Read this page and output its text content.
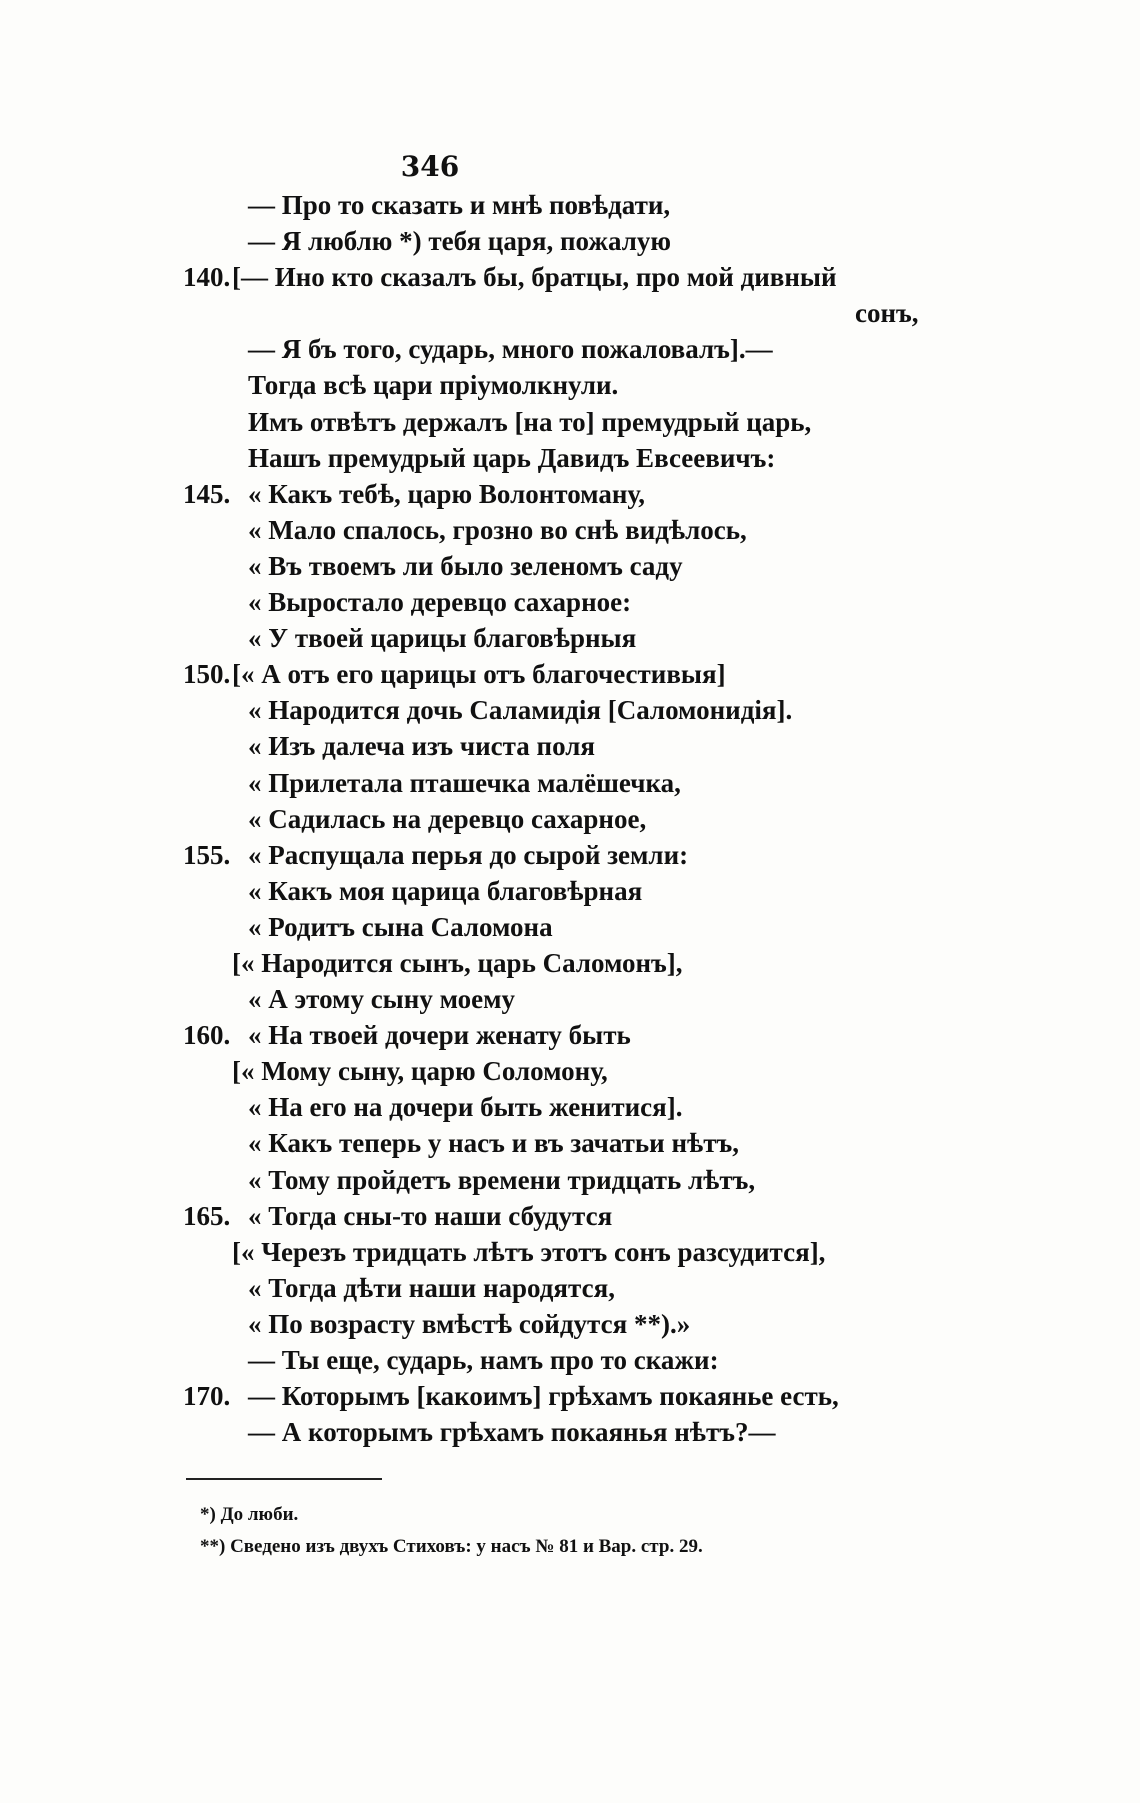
346
— Про то сказать и мнѣ повѣдати,
— Я люблю *) тебя царя, пожалую
140. [— Ино кто сказалъ бы, братцы, про мой дивный
сонъ,
— Я бъ того, сударь, много пожаловалъ].—
Тогда всѣ цари пріумолкнули.
Имъ отвѣтъ держалъ [на то] премудрый царь,
Нашъ премудрый царь Давидъ Евсеевичъ:
145. « Какъ тебѣ, царю Волонтоману,
« Мало спалось, грозно во снѣ видѣлось,
« Въ твоемъ ли было зеленомъ саду
« Выростало деревцо сахарное:
« У твоей царицы благовѣрныя
150. [« А отъ его царицы отъ благочестивыя]
« Народится дочь Саламидія [Саломонидія].
« Изъ далеча изъ чиста поля
« Прилетала пташечка малёшечка,
« Садилась на деревцо сахарное,
155. « Распущала перья до сырой земли:
« Какъ моя царица благовѣрная
« Родитъ сына Саломона
[« Народится сынъ, царь Саломонъ],
« А этому сыну моему
160. « На твоей дочери женату быть
[« Мому сыну, царю Соломону,
« На его на дочери быть женитися].
« Какъ теперь у насъ и въ зачатьи нѣтъ,
« Тому пройдетъ времени тридцать лѣтъ,
165. « Тогда сны-то наши сбудутся
[« Черезъ тридцать лѣтъ этотъ сонъ разсудится],
« Тогда дѣти наши народятся,
« По возрасту вмѣстѣ сойдутся **).»
— Ты еще, сударь, намъ про то скажи:
170. — Которымъ [какоимъ] грѣхамъ покаяньe есть,
— А которымъ грѣхамъ покаянья нѣтъ?—
*) До люби.
**) Сведено изъ двухъ Стиховъ: у насъ № 81 и Вар. стр. 29.
